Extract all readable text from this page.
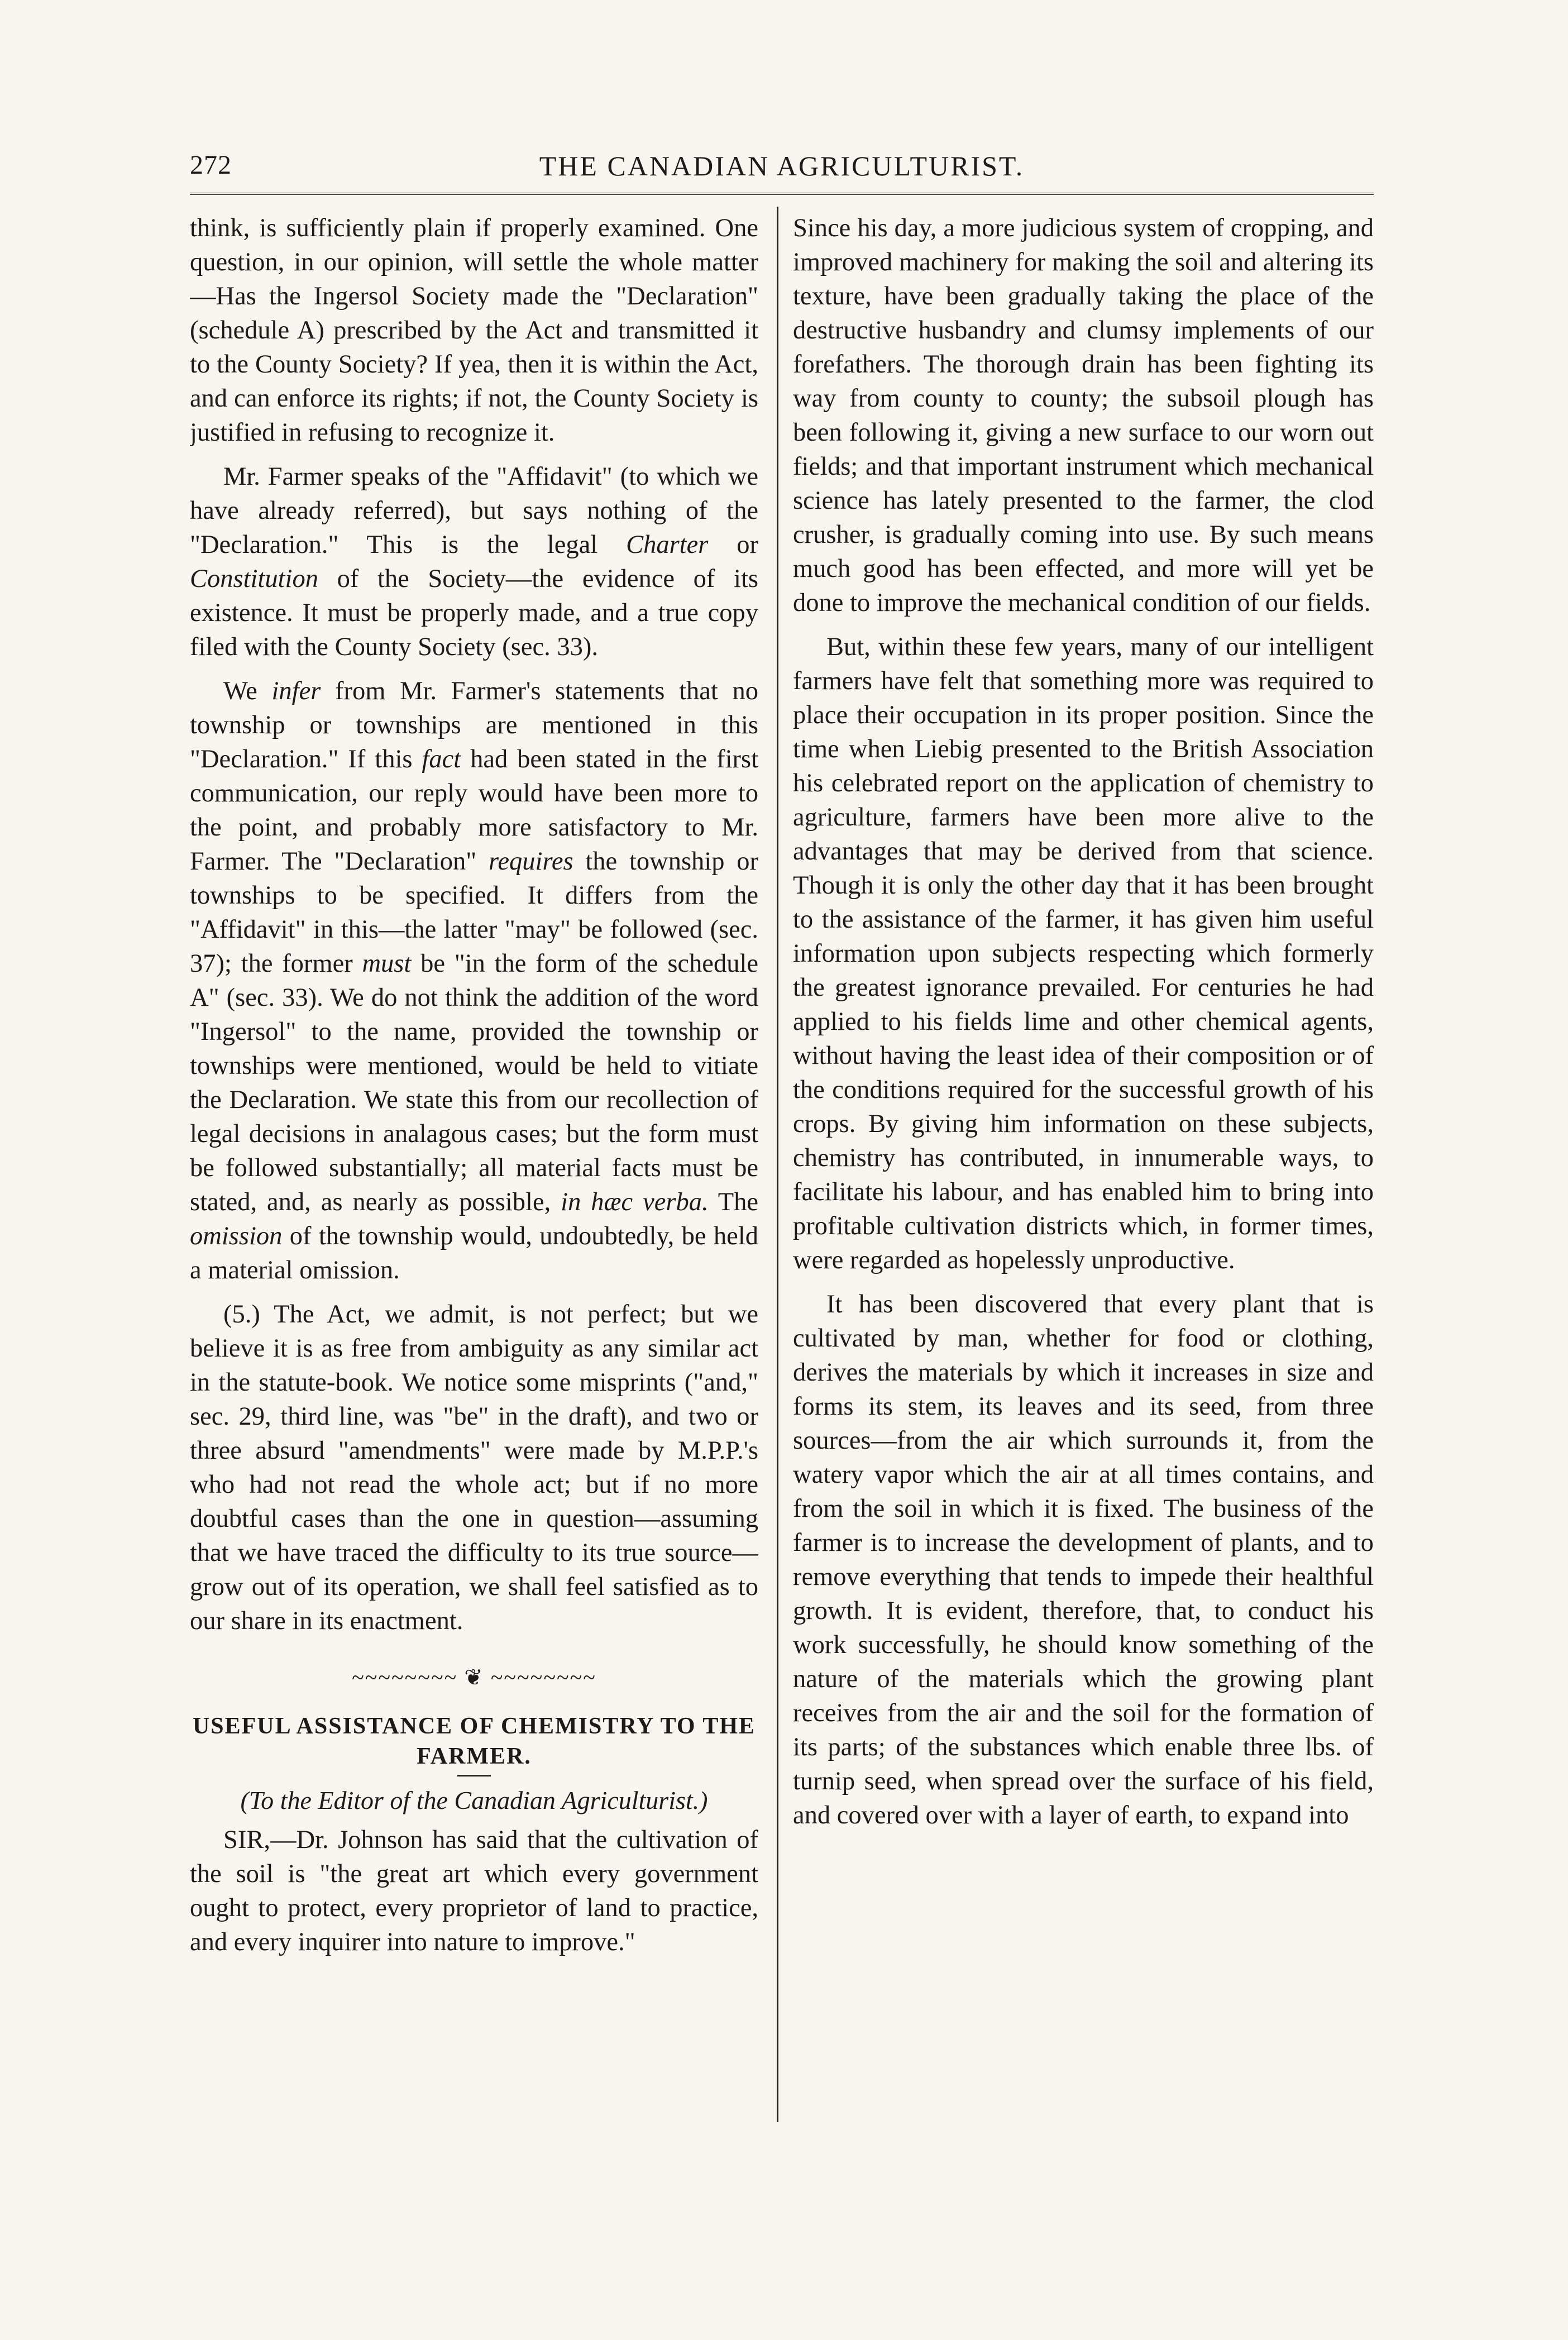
272	THE CANADIAN AGRICULTURIST.

think, is sufficiently plain if properly examined. One question, in our opinion, will settle the whole matter—Has the Ingersol Society made the "Declaration" (schedule A) prescribed by the Act and transmitted it to the County Society? If yea, then it is within the Act, and can enforce its rights; if not, the County Society is justified in refusing to recognize it.

Mr. Farmer speaks of the "Affidavit" (to which we have already referred), but says nothing of the "Declaration." This is the legal Charter or Constitution of the Society—the evidence of its existence. It must be properly made, and a true copy filed with the County Society (sec. 33).

We infer from Mr. Farmer's statements that no township or townships are mentioned in this "Declaration." If this fact had been stated in the first communication, our reply would have been more to the point, and probably more satisfactory to Mr. Farmer. The "Declaration" requires the township or townships to be specified. It differs from the "Affidavit" in this—the latter "may" be followed (sec. 37); the former must be "in the form of the schedule A" (sec. 33). We do not think the addition of the word "Ingersol" to the name, provided the township or townships were mentioned, would be held to vitiate the Declaration. We state this from our recollection of legal decisions in analagous cases; but the form must be followed substantially; all material facts must be stated, and, as nearly as possible, in hæc verba. The omission of the township would, undoubtedly, be held a material omission.

(5.) The Act, we admit, is not perfect; but we believe it is as free from ambiguity as any similar act in the statute-book. We notice some misprints ("and," sec. 29, third line, was "be" in the draft), and two or three absurd "amendments" were made by M.P.P.'s who had not read the whole act; but if no more doubtful cases than the one in question—assuming that we have traced the difficulty to its true source—grow out of its operation, we shall feel satisfied as to our share in its enactment.

~~~~~~~~ ❦ ~~~~~~~~
USEFUL ASSISTANCE OF CHEMISTRY TO THE FARMER.
(To the Editor of the Canadian Agriculturist.)

SIR,—Dr. Johnson has said that the cultivation of the soil is "the great art which every government ought to protect, every proprietor of land to practice, and every inquirer into nature to improve."

Since his day, a more judicious system of cropping, and improved machinery for making the soil and altering its texture, have been gradually taking the place of the destructive husbandry and clumsy implements of our forefathers. The thorough drain has been fighting its way from county to county; the subsoil plough has been following it, giving a new surface to our worn out fields; and that important instrument which mechanical science has lately presented to the farmer, the clod crusher, is gradually coming into use. By such means much good has been effected, and more will yet be done to improve the mechanical condition of our fields.

But, within these few years, many of our intelligent farmers have felt that something more was required to place their occupation in its proper position. Since the time when Liebig presented to the British Association his celebrated report on the application of chemistry to agriculture, farmers have been more alive to the advantages that may be derived from that science. Though it is only the other day that it has been brought to the assistance of the farmer, it has given him useful information upon subjects respecting which formerly the greatest ignorance prevailed. For centuries he had applied to his fields lime and other chemical agents, without having the least idea of their composition or of the conditions required for the successful growth of his crops. By giving him information on these subjects, chemistry has contributed, in innumerable ways, to facilitate his labour, and has enabled him to bring into profitable cultivation districts which, in former times, were regarded as hopelessly unproductive.

It has been discovered that every plant that is cultivated by man, whether for food or clothing, derives the materials by which it increases in size and forms its stem, its leaves and its seed, from three sources—from the air which surrounds it, from the watery vapor which the air at all times contains, and from the soil in which it is fixed. The business of the farmer is to increase the development of plants, and to remove everything that tends to impede their healthful growth. It is evident, therefore, that, to conduct his work successfully, he should know something of the nature of the materials which the growing plant receives from the air and the soil for the formation of its parts; of the substances which enable three lbs. of turnip seed, when spread over the surface of his field, and covered over with a layer of earth, to expand into
